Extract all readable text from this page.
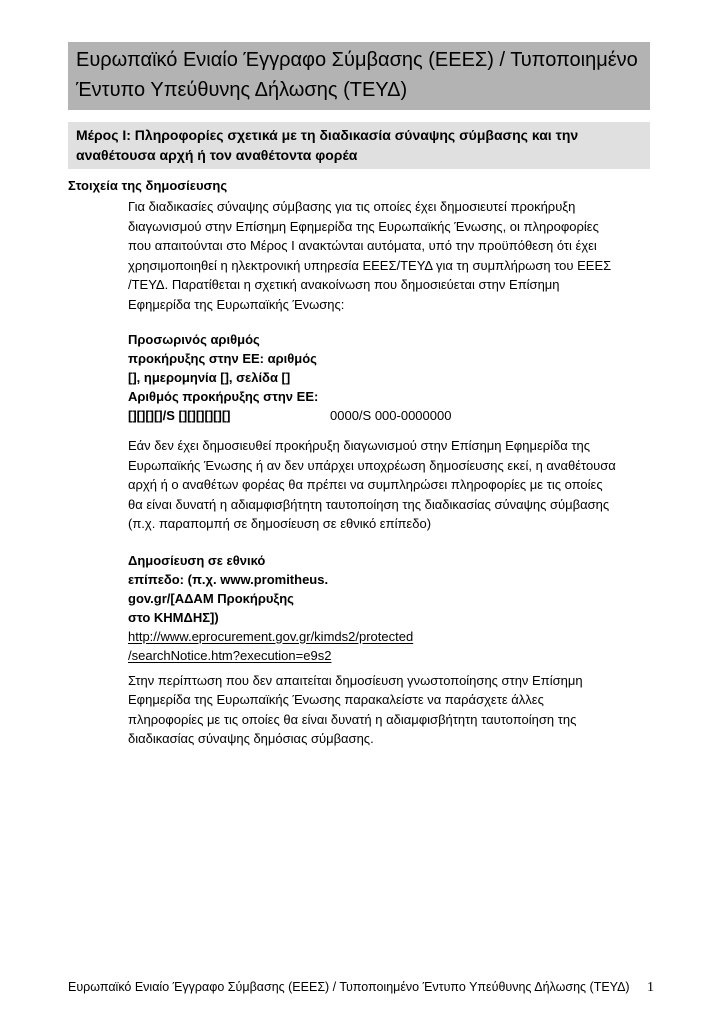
Ευρωπαϊκό Ενιαίο Έγγραφο Σύμβασης (ΕΕΕΣ) / Τυποποιημένο Έντυπο Υπεύθυνης Δήλωσης (ΤΕΥΔ)
Μέρος Ι: Πληροφορίες σχετικά με τη διαδικασία σύναψης σύμβασης και την αναθέτουσα αρχή ή τον αναθέτοντα φορέα
Στοιχεία της δημοσίευσης

Για διαδικασίες σύναψης σύμβασης για τις οποίες έχει δημοσιευτεί προκήρυξη διαγωνισμού στην Επίσημη Εφημερίδα της Ευρωπαϊκής Ένωσης, οι πληροφορίες που απαιτούνται στο Μέρος Ι ανακτώνται αυτόματα, υπό την προϋπόθεση ότι έχει χρησιμοποιηθεί η ηλεκτρονική υπηρεσία ΕΕΕΣ/ΤΕΥΔ για τη συμπλήρωση του ΕΕΕΣ /ΤΕΥΔ. Παρατίθεται η σχετική ανακοίνωση που δημοσιεύεται στην Επίσημη Εφημερίδα της Ευρωπαϊκής Ένωσης:

Προσωρινός αριθμός
προκήρυξης στην ΕΕ: αριθμός
[], ημερομηνία [], σελίδα []
Αριθμός προκήρυξης στην ΕΕ:
[][][][]/S [][][][][][]	0000/S 000-0000000

Εάν δεν έχει δημοσιευθεί προκήρυξη διαγωνισμού στην Επίσημη Εφημερίδα της Ευρωπαϊκής Ένωσης ή αν δεν υπάρχει υποχρέωση δημοσίευσης εκεί, η αναθέτουσα αρχή ή ο αναθέτων φορέας θα πρέπει να συμπληρώσει πληροφορίες με τις οποίες θα είναι δυνατή η αδιαμφισβήτητη ταυτοποίηση της διαδικασίας σύναψης σύμβασης (π.χ. παραπομπή σε δημοσίευση σε εθνικό επίπεδο)

Δημοσίευση σε εθνικό
επίπεδο: (π.χ. www.promitheus.
gov.gr/[ΑΔΑΜ Προκήρυξης
στο ΚΗΜΔΗΣ])
http://www.eprocurement.gov.gr/kimds2/protected
/searchNotice.htm?execution=e9s2

Στην περίπτωση που δεν απαιτείται δημοσίευση γνωστοποίησης στην Επίσημη Εφημερίδα της Ευρωπαϊκής Ένωσης παρακαλείστε να παράσχετε άλλες πληροφορίες με τις οποίες θα είναι δυνατή η αδιαμφισβήτητη ταυτοποίηση της διαδικασίας σύναψης δημόσιας σύμβασης.

Ευρωπαϊκό Ενιαίο Έγγραφο Σύμβασης (ΕΕΕΣ) / Τυποποιημένο Έντυπο Υπεύθυνης Δήλωσης (ΤΕΥΔ) 1
